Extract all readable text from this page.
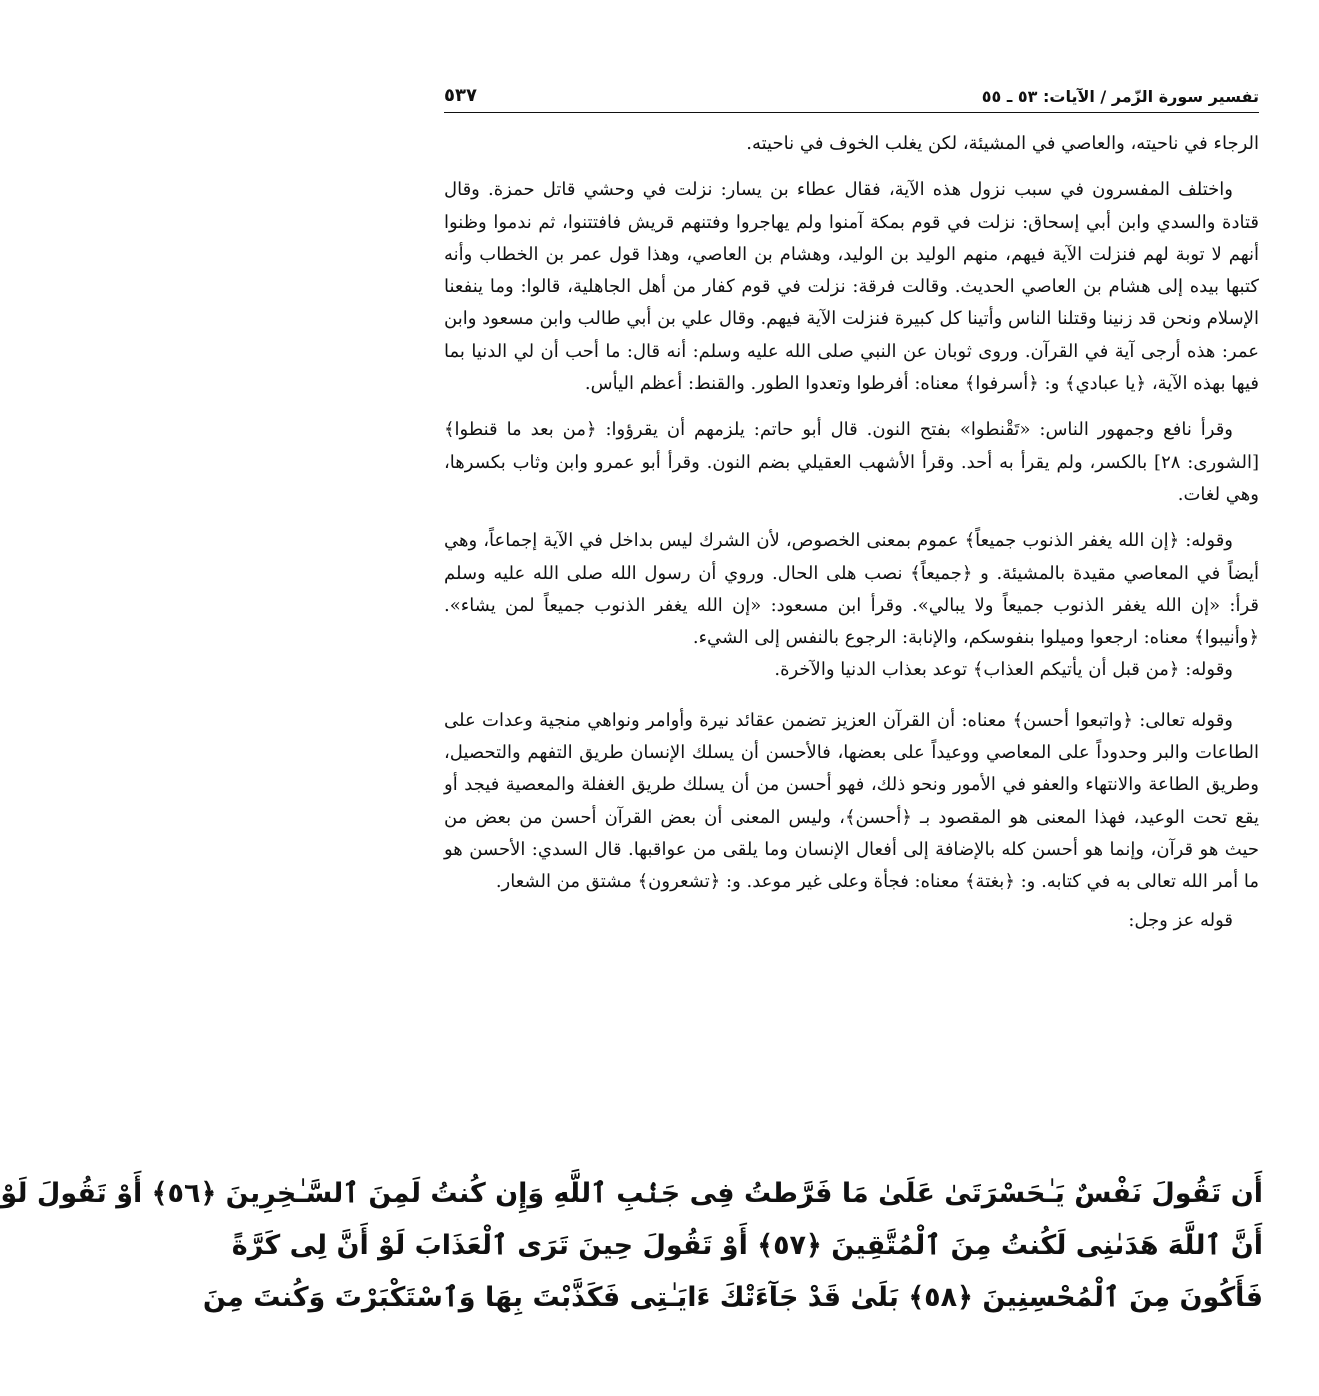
تفسير سورة الزّمر / الآيات: ٥٣ ـ ٥٥
٥٣٧

الرجاء في ناحيته، والعاصي في المشيئة، لكن يغلب الخوف في ناحيته.

واختلف المفسرون في سبب نزول هذه الآية، فقال عطاء بن يسار: نزلت في وحشي قاتل حمزة. وقال قتادة والسدي وابن أبي إسحاق: نزلت في قوم بمكة آمنوا ولم يهاجروا وفتنهم قريش فافتتنوا، ثم ندموا وظنوا أنهم لا توبة لهم فنزلت الآية فيهم، منهم الوليد بن الوليد، وهشام بن العاصي، وهذا قول عمر بن الخطاب وأنه كتبها بيده إلى هشام بن العاصي الحديث. وقالت فرقة: نزلت في قوم كفار من أهل الجاهلية، قالوا: وما ينفعنا الإسلام ونحن قد زنينا وقتلنا الناس وأتينا كل كبيرة فنزلت الآية فيهم. وقال علي بن أبي طالب وابن مسعود وابن عمر: هذه أرجى آية في القرآن. وروى ثوبان عن النبي صلى الله عليه وسلم: أنه قال: ما أحب أن لي الدنيا بما فيها بهذه الآية، ﴿يا عبادي﴾ و: ﴿أسرفوا﴾ معناه: أفرطوا وتعدوا الطور. والقنط: أعظم اليأس.

وقرأ نافع وجمهور الناس: «تَقْنطوا» بفتح النون. قال أبو حاتم: يلزمهم أن يقرؤوا: ﴿من بعد ما قنطوا﴾ [الشورى: ٢٨] بالكسر، ولم يقرأ به أحد. وقرأ الأشهب العقيلي بضم النون. وقرأ أبو عمرو وابن وثاب بكسرها، وهي لغات.

وقوله: ﴿إن الله يغفر الذنوب جميعاً﴾ عموم بمعنى الخصوص، لأن الشرك ليس بداخل في الآية إجماعاً، وهي أيضاً في المعاصي مقيدة بالمشيئة. و ﴿جميعاً﴾ نصب هلى الحال. وروي أن رسول الله صلى الله عليه وسلم قرأ: «إن الله يغفر الذنوب جميعاً ولا يبالي». وقرأ ابن مسعود: «إن الله يغفر الذنوب جميعاً لمن يشاء». ﴿وأنيبوا﴾ معناه: ارجعوا وميلوا بنفوسكم، والإنابة: الرجوع بالنفس إلى الشيء.

وقوله: ﴿من قبل أن يأتيكم العذاب﴾ توعد بعذاب الدنيا والآخرة.

وقوله تعالى: ﴿واتبعوا أحسن﴾ معناه: أن القرآن العزيز تضمن عقائد نيرة وأوامر ونواهي منجية وعدات على الطاعات والبر وحدوداً على المعاصي ووعيداً على بعضها، فالأحسن أن يسلك الإنسان طريق التفهم والتحصيل، وطريق الطاعة والانتهاء والعفو في الأمور ونحو ذلك، فهو أحسن من أن يسلك طريق الغفلة والمعصية فيجد أو يقع تحت الوعيد، فهذا المعنى هو المقصود بـ ﴿أحسن﴾، وليس المعنى أن بعض القرآن أحسن من بعض من حيث هو قرآن، وإنما هو أحسن كله بالإضافة إلى أفعال الإنسان وما يلقى من عواقبها. قال السدي: الأحسن هو ما أمر الله تعالى به في كتابه. و: ﴿بغتة﴾ معناه: فجأة وعلى غير موعد. و: ﴿تشعرون﴾ مشتق من الشعار.

قوله عز وجل:

أَن تَقُولَ نَفْسٌ يَـٰحَسْرَتَىٰ عَلَىٰ مَا فَرَّطتُ فِى جَنۢبِ ٱللَّهِ وَإِن كُنتُ لَمِنَ ٱلسَّـٰخِرِينَ ﴿٥٦﴾ أَوْ تَقُولَ لَوْ
أَنَّ ٱللَّهَ هَدَىٰنِى لَكُنتُ مِنَ ٱلْمُتَّقِينَ ﴿٥٧﴾ أَوْ تَقُولَ حِينَ تَرَى ٱلْعَذَابَ لَوْ أَنَّ لِى كَرَّةً
فَأَكُونَ مِنَ ٱلْمُحْسِنِينَ ﴿٥٨﴾ بَلَىٰ قَدْ جَآءَتْكَ ءَايَـٰتِى فَكَذَّبْتَ بِهَا وَٱسْتَكْبَرْتَ وَكُنتَ مِنَ
